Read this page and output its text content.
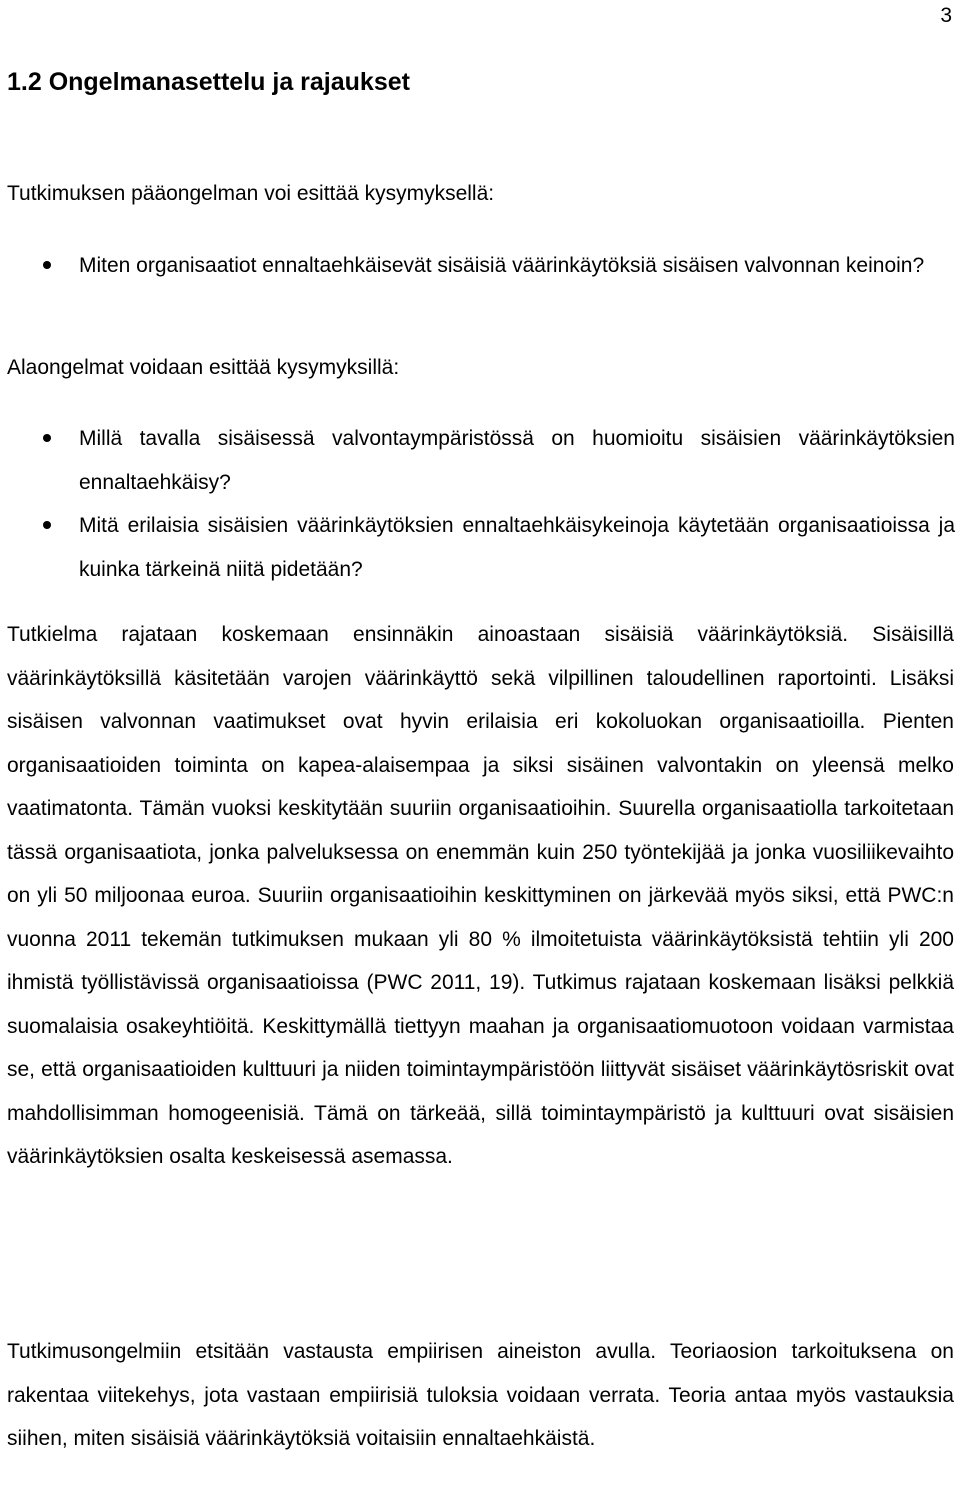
3
1.2 Ongelmanasettelu ja rajaukset

Tutkimuksen pääongelman voi esittää kysymyksellä:

Miten organisaatiot ennaltaehkäisevät sisäisiä väärinkäytöksiä sisäisen valvonnan keinoin?

Alaongelmat voidaan esittää kysymyksillä:

Millä tavalla sisäisessä valvontaympäristössä on huomioitu sisäisien väärinkäytöksien ennaltaehkäisy?
Mitä erilaisia sisäisien väärinkäytöksien ennaltaehkäisykeinoja käytetään organisaatioissa ja kuinka tärkeinä niitä pidetään?

Tutkielma rajataan koskemaan ensinnäkin ainoastaan sisäisiä väärinkäytöksiä. Sisäisillä väärinkäytöksillä käsitetään varojen väärinkäyttö sekä vilpillinen taloudellinen raportointi. Lisäksi sisäisen valvonnan vaatimukset ovat hyvin erilaisia eri kokoluokan organisaatioilla. Pienten organisaatioiden toiminta on kapea-alaisempaa ja siksi sisäinen valvontakin on yleensä melko vaatimatonta. Tämän vuoksi keskitytään suuriin organisaatioihin. Suurella organisaatiolla tarkoitetaan tässä organisaatiota, jonka palveluksessa on enemmän kuin 250 työntekijää ja jonka vuosiliikevaihto on yli 50 miljoonaa euroa. Suuriin organisaatioihin keskittyminen on järkevää myös siksi, että PWC:n vuonna 2011 tekemän tutkimuksen mukaan yli 80 % ilmoitetuista väärinkäytöksistä tehtiin yli 200 ihmistä työllistävissä organisaatioissa (PWC 2011, 19). Tutkimus rajataan koskemaan lisäksi pelkkiä suomalaisia osakeyhtiöitä. Keskittymällä tiettyyn maahan ja organisaatiomuotoon voidaan varmistaa se, että organisaatioiden kulttuuri ja niiden toimintaympäristöön liittyvät sisäiset väärinkäytösriskit ovat mahdollisimman homogeenisiä. Tämä on tärkeää, sillä toimintaympäristö ja kulttuuri ovat sisäisien väärinkäytöksien osalta keskeisessä asemassa.

Tutkimusongelmiin etsitään vastausta empiirisen aineiston avulla. Teoriaosion tarkoituksena on rakentaa viitekehys, jota vastaan empiirisiä tuloksia voidaan verrata. Teoria antaa myös vastauksia siihen, miten sisäisiä väärinkäytöksiä voitaisiin ennaltaehkäistä.
